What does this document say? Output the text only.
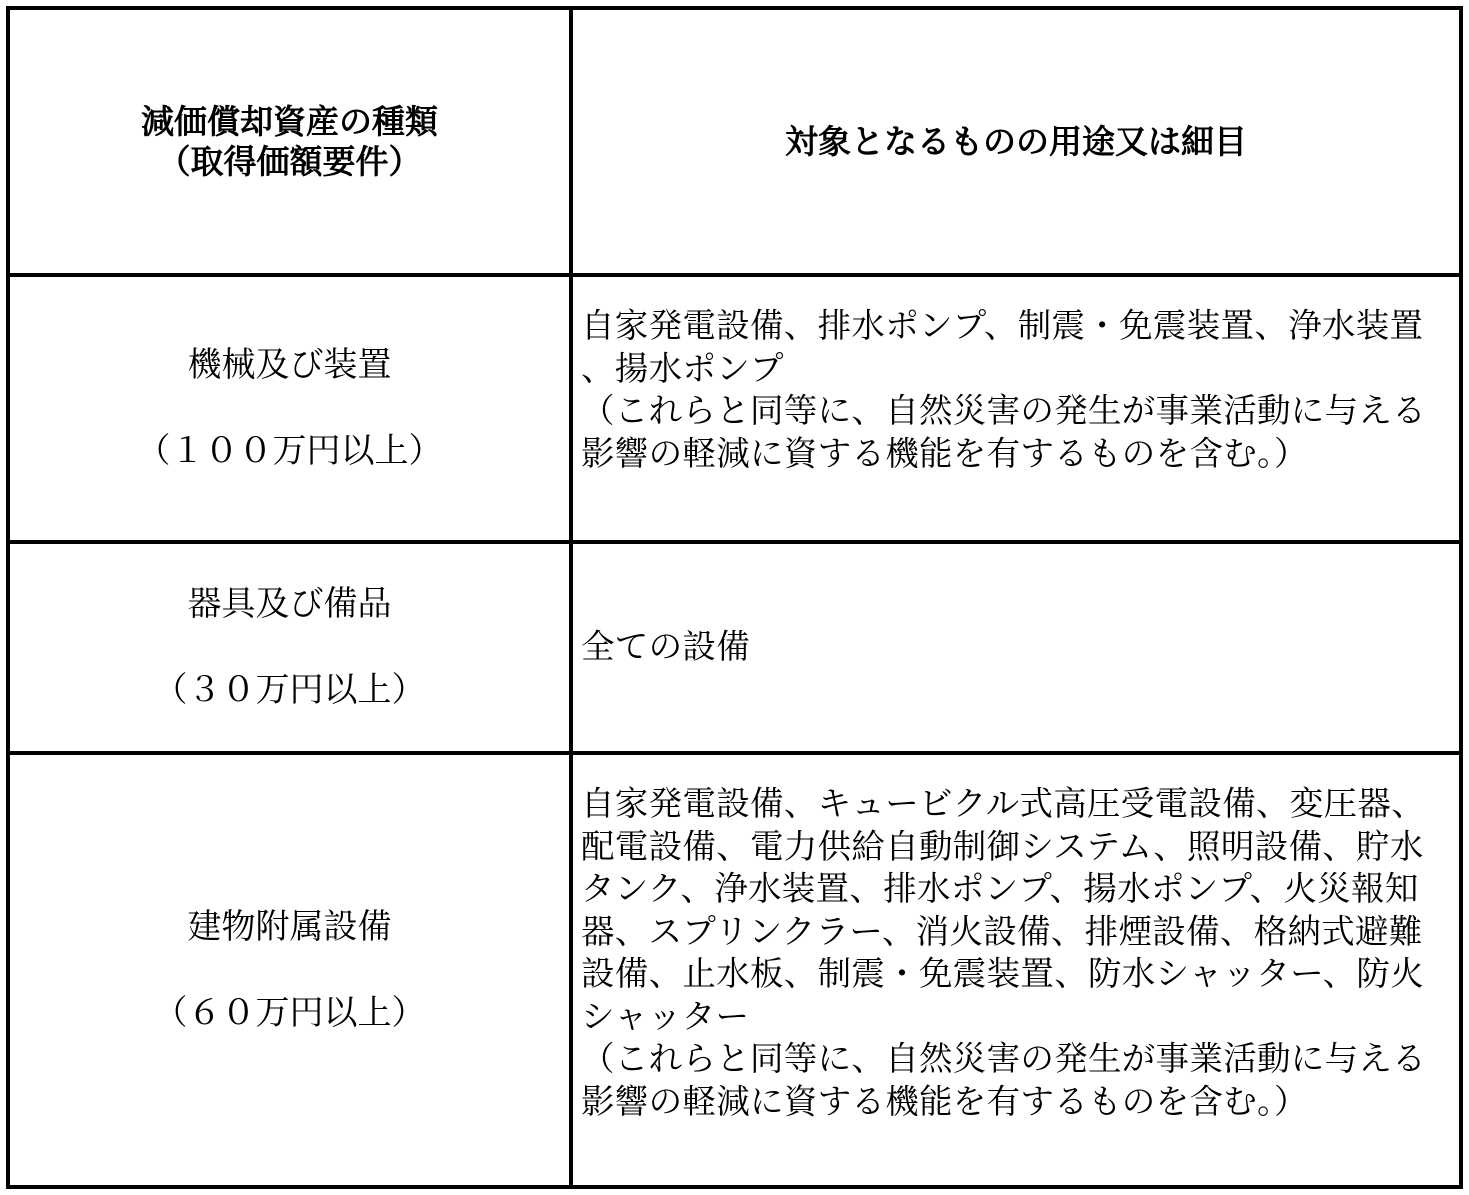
減価償却資産の種類
（取得価額要件）
対象となるものの用途又は細目

機械及び装置

（１００万円以上）

自家発電設備、排水ポンプ、制震・免震装置、浄水装置、揚水ポンプ

（これらと同等に、自然災害の発生が事業活動に与える影響の軽減に資する機能を有するものを含む。）

器具及び備品

（３０万円以上）

全ての設備

建物附属設備

（６０万円以上）

自家発電設備、キュービクル式高圧受電設備、変圧器、配電設備、電力供給自動制御システム、照明設備、貯水タンク、浄水装置、排水ポンプ、揚水ポンプ、火災報知器、スプリンクラー、消火設備、排煙設備、格納式避難設備、止水板、制震・免震装置、防水シャッター、防火シャッター

（これらと同等に、自然災害の発生が事業活動に与える影響の軽減に資する機能を有するものを含む。）
